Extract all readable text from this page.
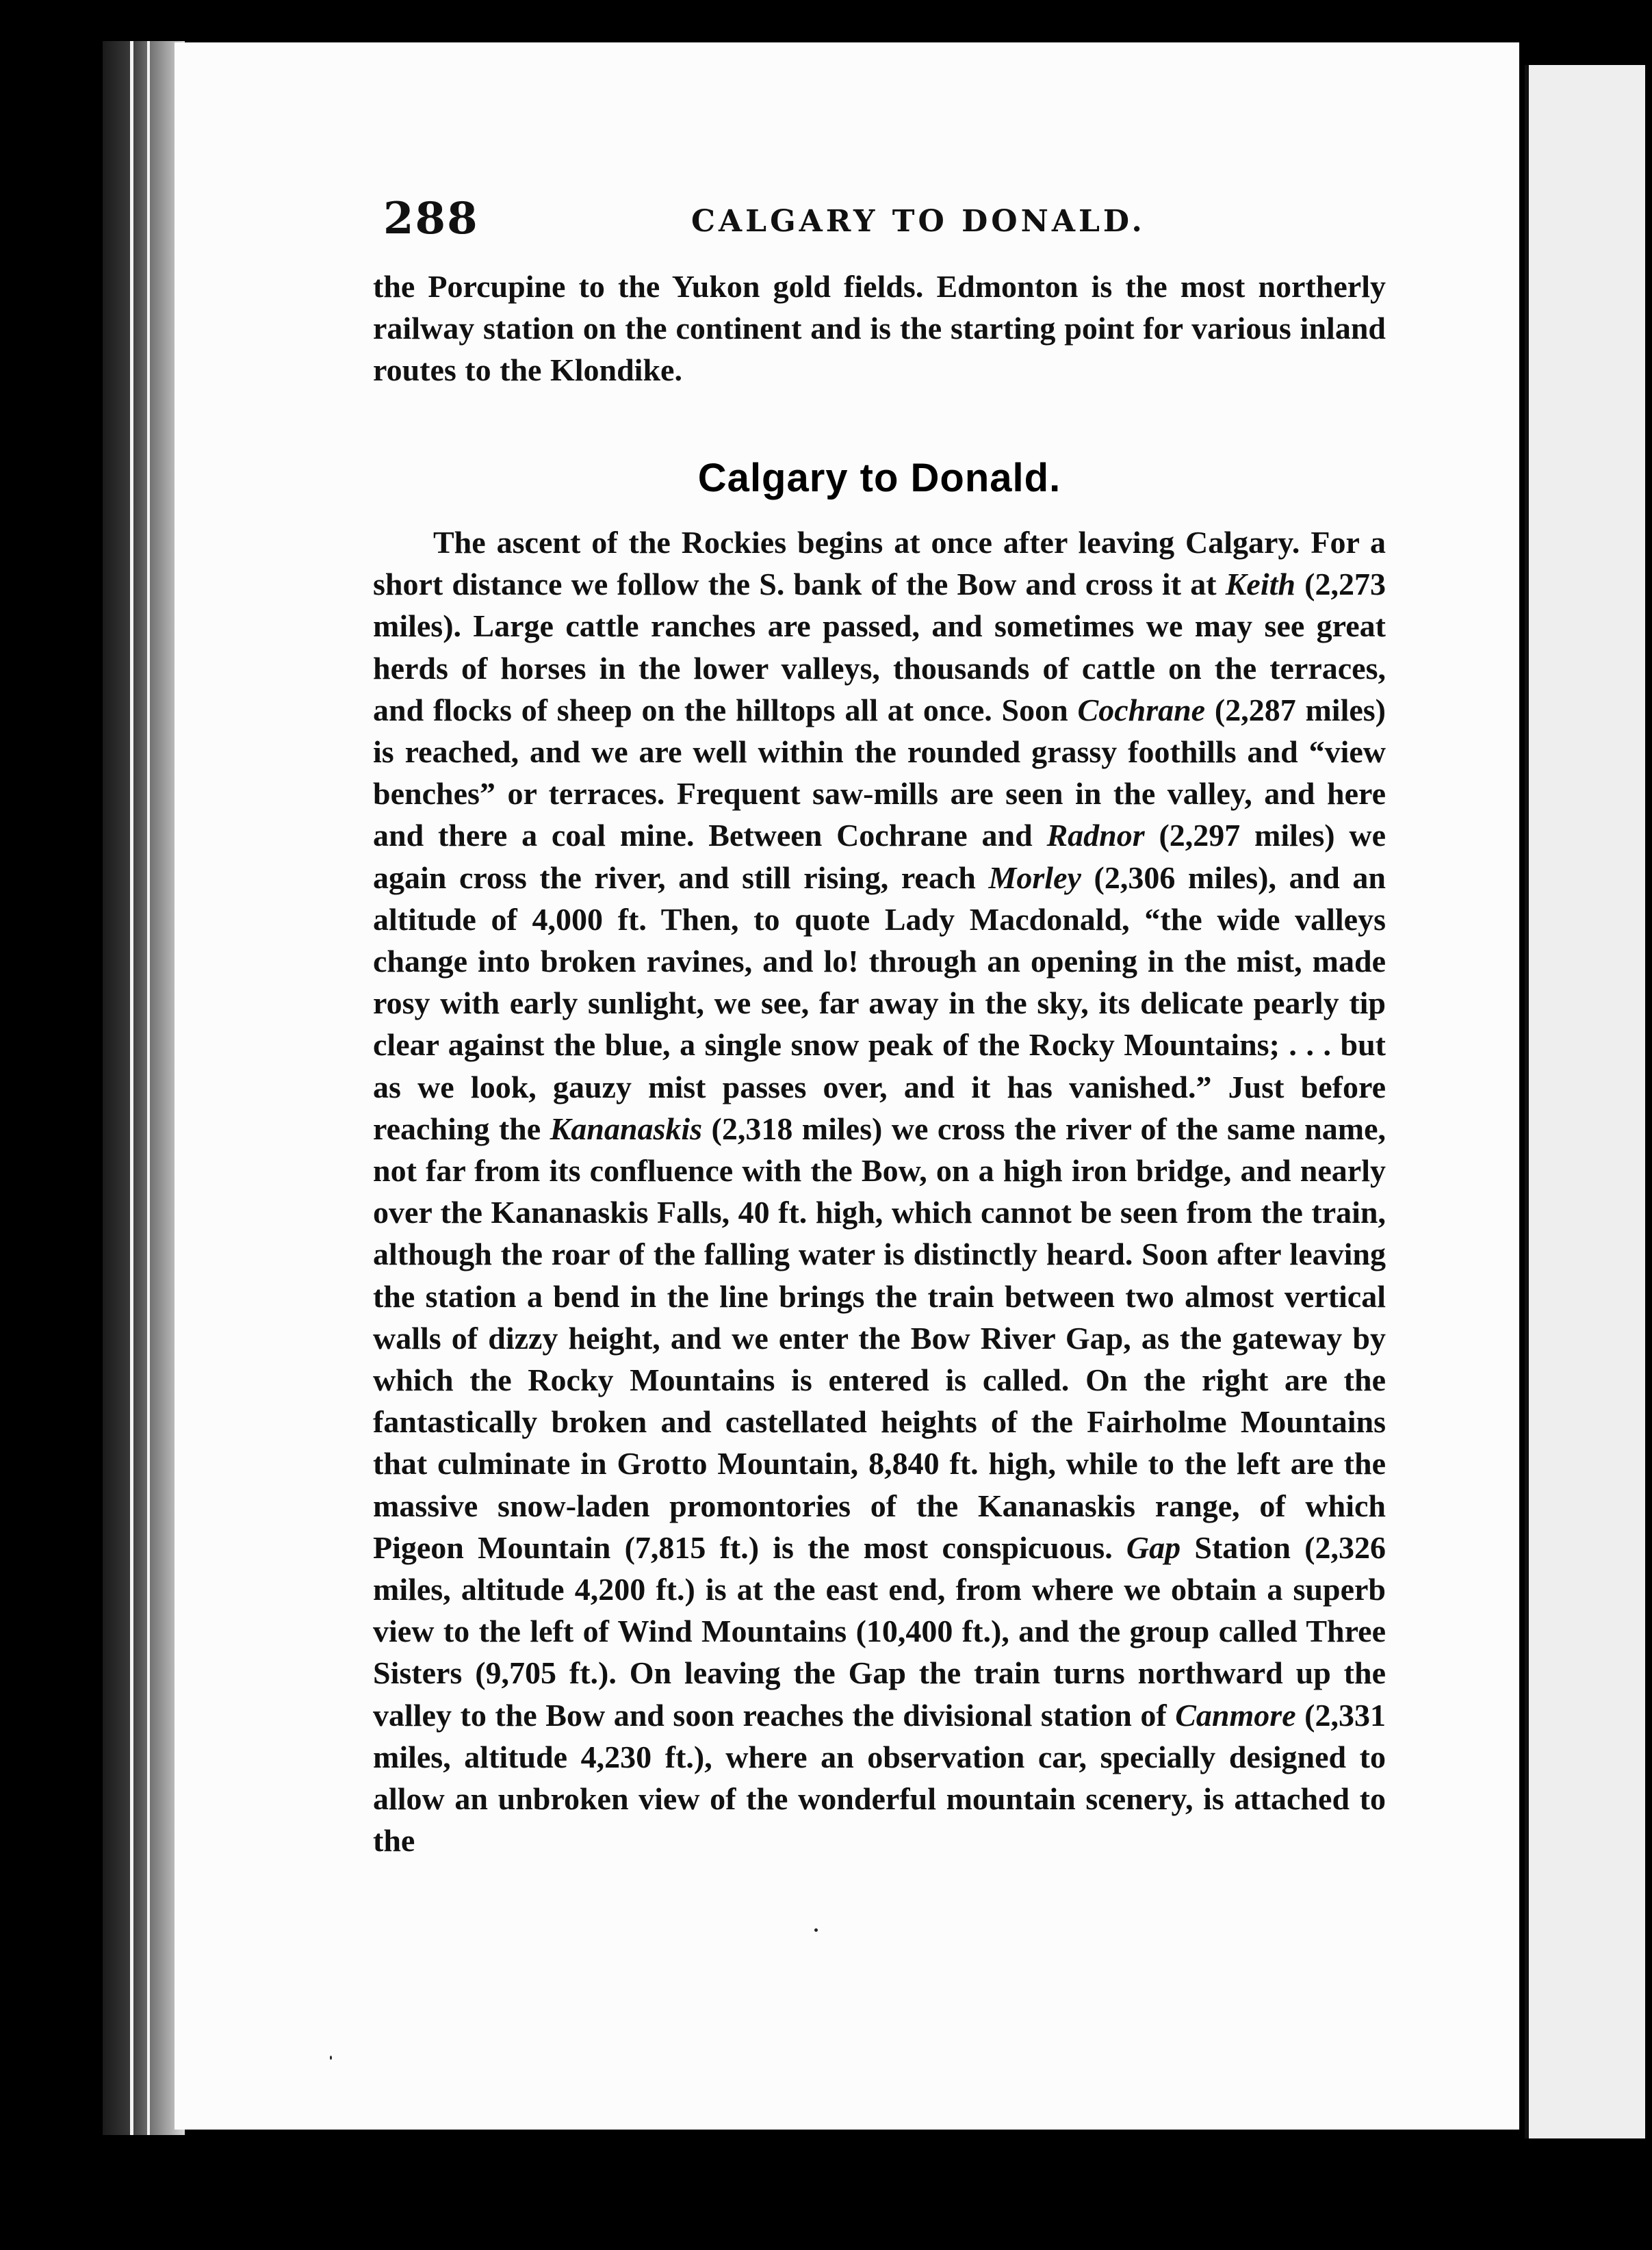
288	CALGARY TO DONALD.
the Porcupine to the Yukon gold fields. Edmonton is the most northerly railway station on the continent and is the starting point for various inland routes to the Klondike.
Calgary to Donald.
The ascent of the Rockies begins at once after leaving Calgary. For a short distance we follow the S. bank of the Bow and cross it at Keith (2,273 miles). Large cattle ranches are passed, and sometimes we may see great herds of horses in the lower valleys, thousands of cattle on the terraces, and flocks of sheep on the hilltops all at once. Soon Cochrane (2,287 miles) is reached, and we are well within the rounded grassy foothills and “view benches” or terraces. Frequent saw-mills are seen in the valley, and here and there a coal mine. Between Cochrane and Radnor (2,297 miles) we again cross the river, and still rising, reach Morley (2,306 miles), and an altitude of 4,000 ft. Then, to quote Lady Macdonald, “the wide valleys change into broken ravines, and lo! through an opening in the mist, made rosy with early sunlight, we see, far away in the sky, its delicate pearly tip clear against the blue, a single snow peak of the Rocky Mountains; . . . but as we look, gauzy mist passes over, and it has vanished.” Just before reaching the Kananaskis (2,318 miles) we cross the river of the same name, not far from its confluence with the Bow, on a high iron bridge, and nearly over the Kananaskis Falls, 40 ft. high, which cannot be seen from the train, although the roar of the falling water is distinctly heard. Soon after leaving the station a bend in the line brings the train between two almost vertical walls of dizzy height, and we enter the Bow River Gap, as the gateway by which the Rocky Mountains is entered is called. On the right are the fantastically broken and castellated heights of the Fairholme Mountains that culminate in Grotto Mountain, 8,840 ft. high, while to the left are the massive snow-laden promontories of the Kananaskis range, of which Pigeon Mountain (7,815 ft.) is the most conspicuous. Gap Station (2,326 miles, altitude 4,200 ft.) is at the east end, from where we obtain a superb view to the left of Wind Mountains (10,400 ft.), and the group called Three Sisters (9,705 ft.). On leaving the Gap the train turns northward up the valley to the Bow and soon reaches the divisional station of Canmore (2,331 miles, altitude 4,230 ft.), where an observation car, specially designed to allow an unbroken view of the wonderful mountain scenery, is attached to the
